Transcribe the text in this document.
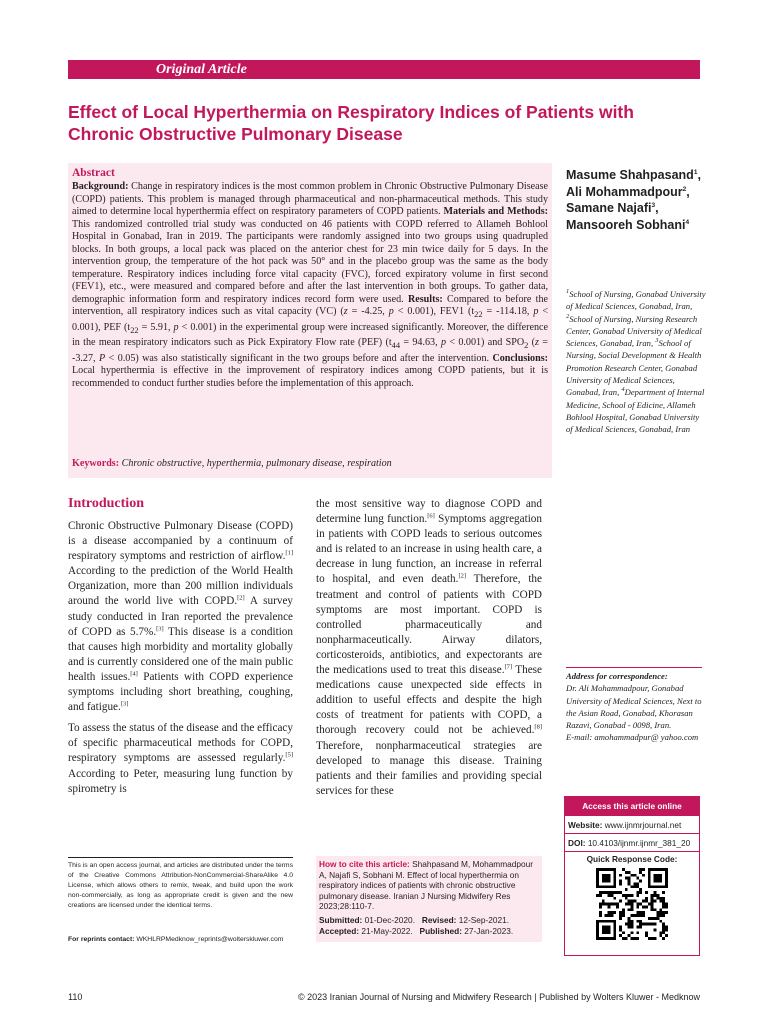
Original Article
Effect of Local Hyperthermia on Respiratory Indices of Patients with
Chronic Obstructive Pulmonary Disease
Abstract
Background: Change in respiratory indices is the most common problem in Chronic Obstructive Pulmonary Disease (COPD) patients. This problem is managed through pharmaceutical and non-pharmaceutical methods. This study aimed to determine local hyperthermia effect on respiratory parameters of COPD patients. Materials and Methods: This randomized controlled trial study was conducted on 46 patients with COPD referred to Allameh Bohlool Hospital in Gonabad, Iran in 2019. The participants were randomly assigned into two groups using quadrupled blocks. In both groups, a local pack was placed on the anterior chest for 23 min twice daily for 5 days. In the intervention group, the temperature of the hot pack was 50° and in the placebo group was the same as the body temperature. Respiratory indices including force vital capacity (FVC), forced expiratory volume in first second (FEV1), etc., were measured and compared before and after the last intervention in both groups. To gather data, demographic information form and respiratory indices record form were used. Results: Compared to before the intervention, all respiratory indices such as vital capacity (VC) (z = -4.25, p < 0.001), FEV1 ($t_{22} = -114.18$, p < 0.001), PEF ($t_{22} = 5.91$, p < 0.001) in the experimental group were increased significantly. Moreover, the difference in the mean respiratory indicators such as Pick Expiratory Flow rate (PEF) ($t_{44} = 94.63$, p < 0.001) and $SPO_2$ (z = -3.27, P < 0.05) was also statistically significant in the two groups before and after the intervention. Conclusions: Local hyperthermia is effective in the improvement of respiratory indices among COPD patients, but it is recommended to conduct further studies before the implementation of this approach.
Keywords: Chronic obstructive, hyperthermia, pulmonary disease, respiration
Masume Shahpasand$^1$,
Ali Mohammadpour$^2$,
Samane Najafi$^3$,
Mansooreh Sobhani$^4$
$^1$School of Nursing, Gonabad University of Medical Sciences, Gonabad, Iran, $^2$School of Nursing, Nursing Research Center, Gonabad University of Medical Sciences, Gonabad, Iran, $^3$School of Nursing, Social Development & Health Promotion Research Center, Gonabad University of Medical Sciences, Gonabad, Iran, $^4$Department of Internal Medicine, School of Edicine, Allameh Bohlool Hospital, Gonabad University of Medical Sciences, Gonabad, Iran
Introduction

Chronic Obstructive Pulmonary Disease (COPD) is a disease accompanied by a continuum of respiratory symptoms and restriction of airflow.[1] According to the prediction of the World Health Organization, more than 200 million individuals around the world live with COPD.[2] A survey study conducted in Iran reported the prevalence of COPD as 5.7%.[3] This disease is a condition that causes high morbidity and mortality globally and is currently considered one of the main public health issues.[4] Patients with COPD experience symptoms including short breathing, coughing, and fatigue.[3]

To assess the status of the disease and the efficacy of specific pharmaceutical methods for COPD, respiratory symptoms are assessed regularly.[5] According to Peter, measuring lung function by spirometry is

the most sensitive way to diagnose COPD and determine lung function.[6] Symptoms aggregation in patients with COPD leads to serious outcomes and is related to an increase in using health care, a decrease in lung function, an increase in referral to hospital, and even death.[2] Therefore, the treatment and control of patients with COPD symptoms are most important. COPD is controlled pharmaceutically and nonpharmaceutically. Airway dilators, corticosteroids, antibiotics, and expectorants are the medications used to treat this disease.[7] These medications cause unexpected side effects in addition to useful effects and despite the high costs of treatment for patients with COPD, a thorough recovery could not be achieved.[8] Therefore, nonpharmaceutical strategies are developed to manage this disease. Training patients and their families and providing special services for these

This is an open access journal, and articles are distributed under the terms of the Creative Commons Attribution-NonCommercial-ShareAlike 4.0 License, which allows others to remix, tweak, and build upon the work non-commercially, as long as appropriate credit is given and the new creations are licensed under the identical terms.
For reprints contact: WKHLRPMedknow_reprints@wolterskluwer.com
How to cite this article: Shahpasand M, Mohammadpour A, Najafi S, Sobhani M. Effect of local hyperthermia on respiratory indices of patients with chronic obstructive pulmonary disease. Iranian J Nursing Midwifery Res 2023;28:110-7.
Submitted: 01-Dec-2020. Revised: 12-Sep-2021.
Accepted: 21-May-2022. Published: 27-Jan-2023.
Address for correspondence:
Dr. Ali Mohammadpour, Gonabad University of Medical Sciences, Next to the Asian Road, Gonabad, Khorasan Razavi, Gonabad - 0098, Iran.
E-mail: amohammadpur@ yahoo.com
Access this article online
Website: www.ijnmrjournal.net
DOI: 10.4103/ijnmr.ijnmr_381_20
Quick Response Code:
110	© 2023 Iranian Journal of Nursing and Midwifery Research | Published by Wolters Kluwer - Medknow
